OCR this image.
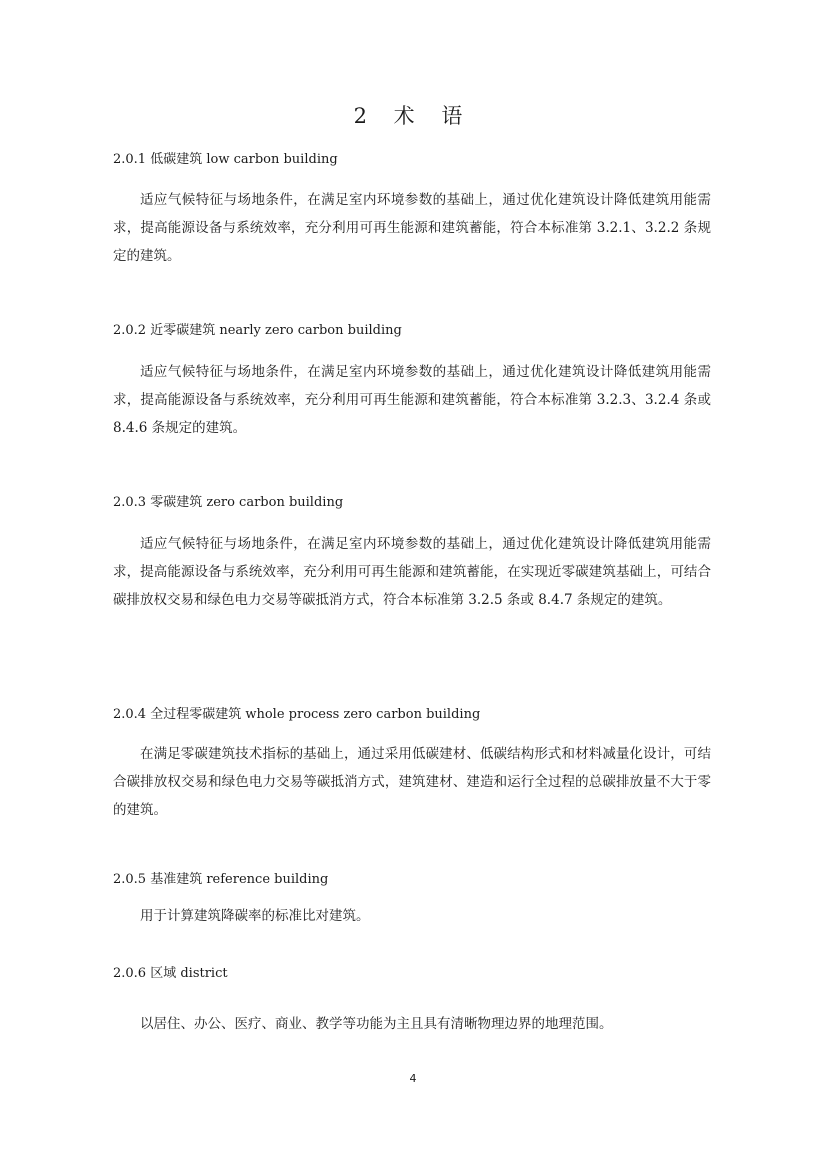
2 术 语
2.0.1 低碳建筑 low carbon building
适应气候特征与场地条件，在满足室内环境参数的基础上，通过优化建筑设计降低建筑用能需求，提高能源设备与系统效率，充分利用可再生能源和建筑蓄能，符合本标准第 3.2.1、3.2.2 条规定的建筑。
2.0.2 近零碳建筑 nearly zero carbon building
适应气候特征与场地条件，在满足室内环境参数的基础上，通过优化建筑设计降低建筑用能需求，提高能源设备与系统效率，充分利用可再生能源和建筑蓄能，符合本标准第 3.2.3、3.2.4 条或 8.4.6 条规定的建筑。
2.0.3 零碳建筑 zero carbon building
适应气候特征与场地条件，在满足室内环境参数的基础上，通过优化建筑设计降低建筑用能需求，提高能源设备与系统效率，充分利用可再生能源和建筑蓄能，在实现近零碳建筑基础上，可结合碳排放权交易和绿色电力交易等碳抵消方式，符合本标准第 3.2.5 条或 8.4.7 条规定的建筑。
2.0.4 全过程零碳建筑 whole process zero carbon building
在满足零碳建筑技术指标的基础上，通过采用低碳建材、低碳结构形式和材料减量化设计，可结合碳排放权交易和绿色电力交易等碳抵消方式，建筑建材、建造和运行全过程的总碳排放量不大于零的建筑。
2.0.5 基准建筑 reference building
用于计算建筑降碳率的标准比对建筑。
2.0.6 区域 district
以居住、办公、医疗、商业、教学等功能为主且具有清晰物理边界的地理范围。
4
